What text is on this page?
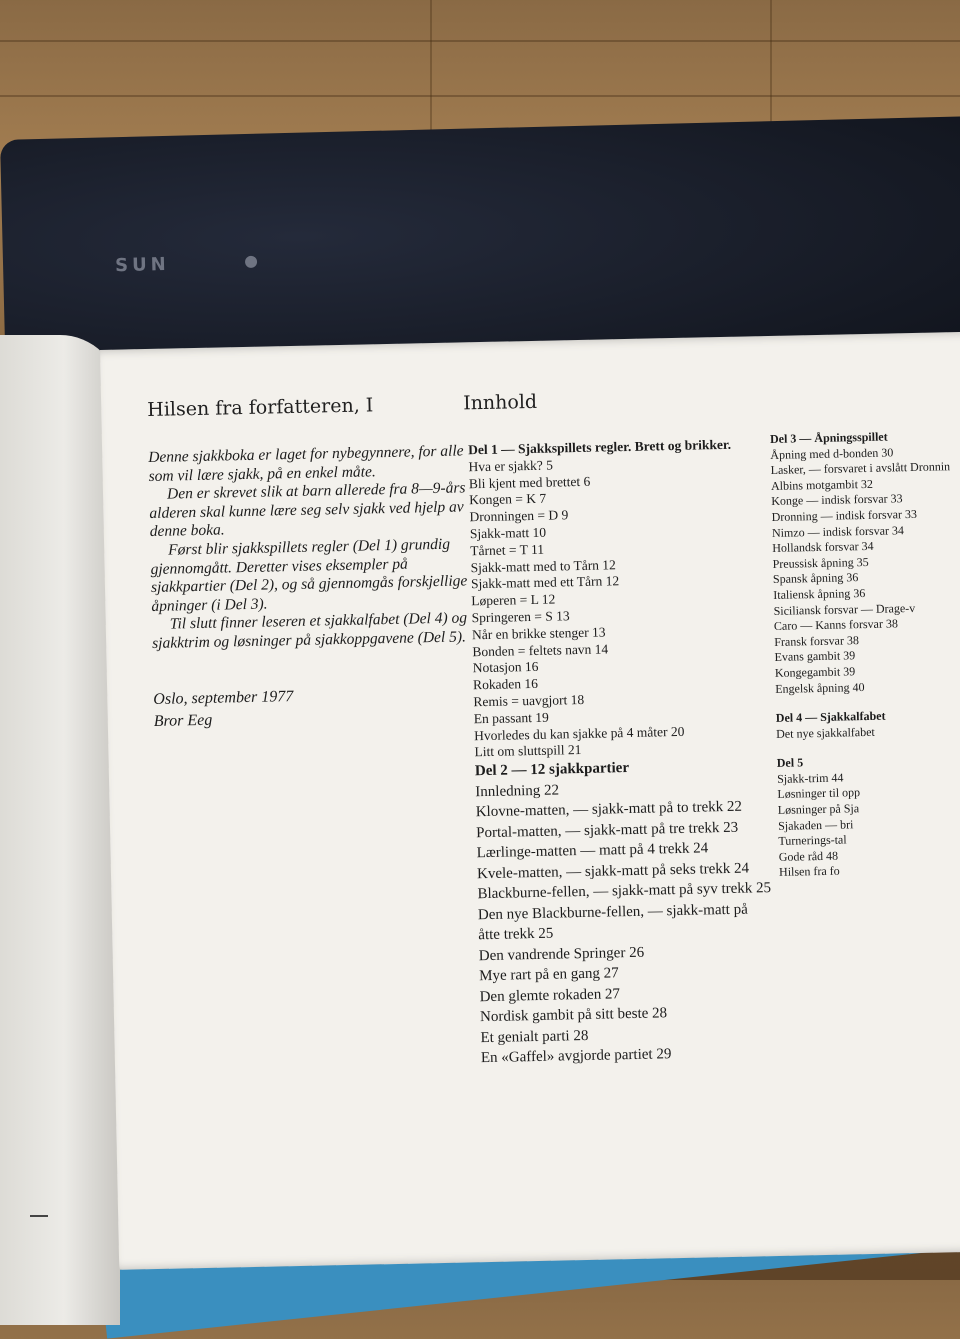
SUN
Hilsen fra forfatteren, I	Innhold

Denne sjakkboka er laget for nybegynnere, for alle som vil lære sjakk, på en enkel måte.

Den er skrevet slik at barn allerede fra 8—9-års alderen skal kunne lære seg selv sjakk ved hjelp av denne boka.

Først blir sjakkspillets regler (Del 1) grundig gjennomgått. Deretter vises eksempler på sjakkpartier (Del 2), og så gjennomgås forskjellige åpninger (i Del 3).

Til slutt finner leseren et sjakkalfabet (Del 4) og sjakktrim og løsninger på sjakkoppgavene (Del 5).

Oslo, september 1977
Bror Eeg
Del 1 — Sjakkspillets regler. Brett og brikker.
Hva er sjakk? 5
Bli kjent med brettet 6
Kongen = K 7
Dronningen = D 9
Sjakk-matt 10
Tårnet = T 11
Sjakk-matt med to Tårn 12
Sjakk-matt med ett Tårn 12
Løperen = L 12
Springeren = S 13
Når en brikke stenger 13
Bonden = feltets navn 14
Notasjon 16
Rokaden 16
Remis = uavgjort 18
En passant 19
Hvorledes du kan sjakke på 4 måter 20
Litt om sluttspill 21
Del 2 — 12 sjakkpartier
Innledning 22
Klovne-matten, — sjakk-matt på to trekk 22
Portal-matten, — sjakk-matt på tre trekk 23
Lærlinge-matten — matt på 4 trekk 24
Kvele-matten, — sjakk-matt på seks trekk 24
Blackburne-fellen, — sjakk-matt på syv trekk 25
Den nye Blackburne-fellen, — sjakk-matt på
åtte trekk 25
Den vandrende Springer 26
Mye rart på en gang 27
Den glemte rokaden 27
Nordisk gambit på sitt beste 28
Et genialt parti 28
En «Gaffel» avgjorde partiet 29
Del 3 — Åpningsspillet
Åpning med d-bonden 30
Lasker, — forsvaret i avslått Dronnin
Albins motgambit 32
Konge — indisk forsvar 33
Dronning — indisk forsvar 33
Nimzo — indisk forsvar 34
Hollandsk forsvar 34
Preussisk åpning 35
Spansk åpning 36
Italiensk åpning 36
Siciliansk forsvar — Drage-v
Caro — Kanns forsvar 38
Fransk forsvar 38
Evans gambit 39
Kongegambit 39
Engelsk åpning 40
Del 4 — Sjakkalfabet
Det nye sjakkalfabet
Del 5
Sjakk-trim 44
Løsninger til opp
Løsninger på Sja
Sjakaden — bri
Turnerings-tal
Gode råd 48
Hilsen fra fo
